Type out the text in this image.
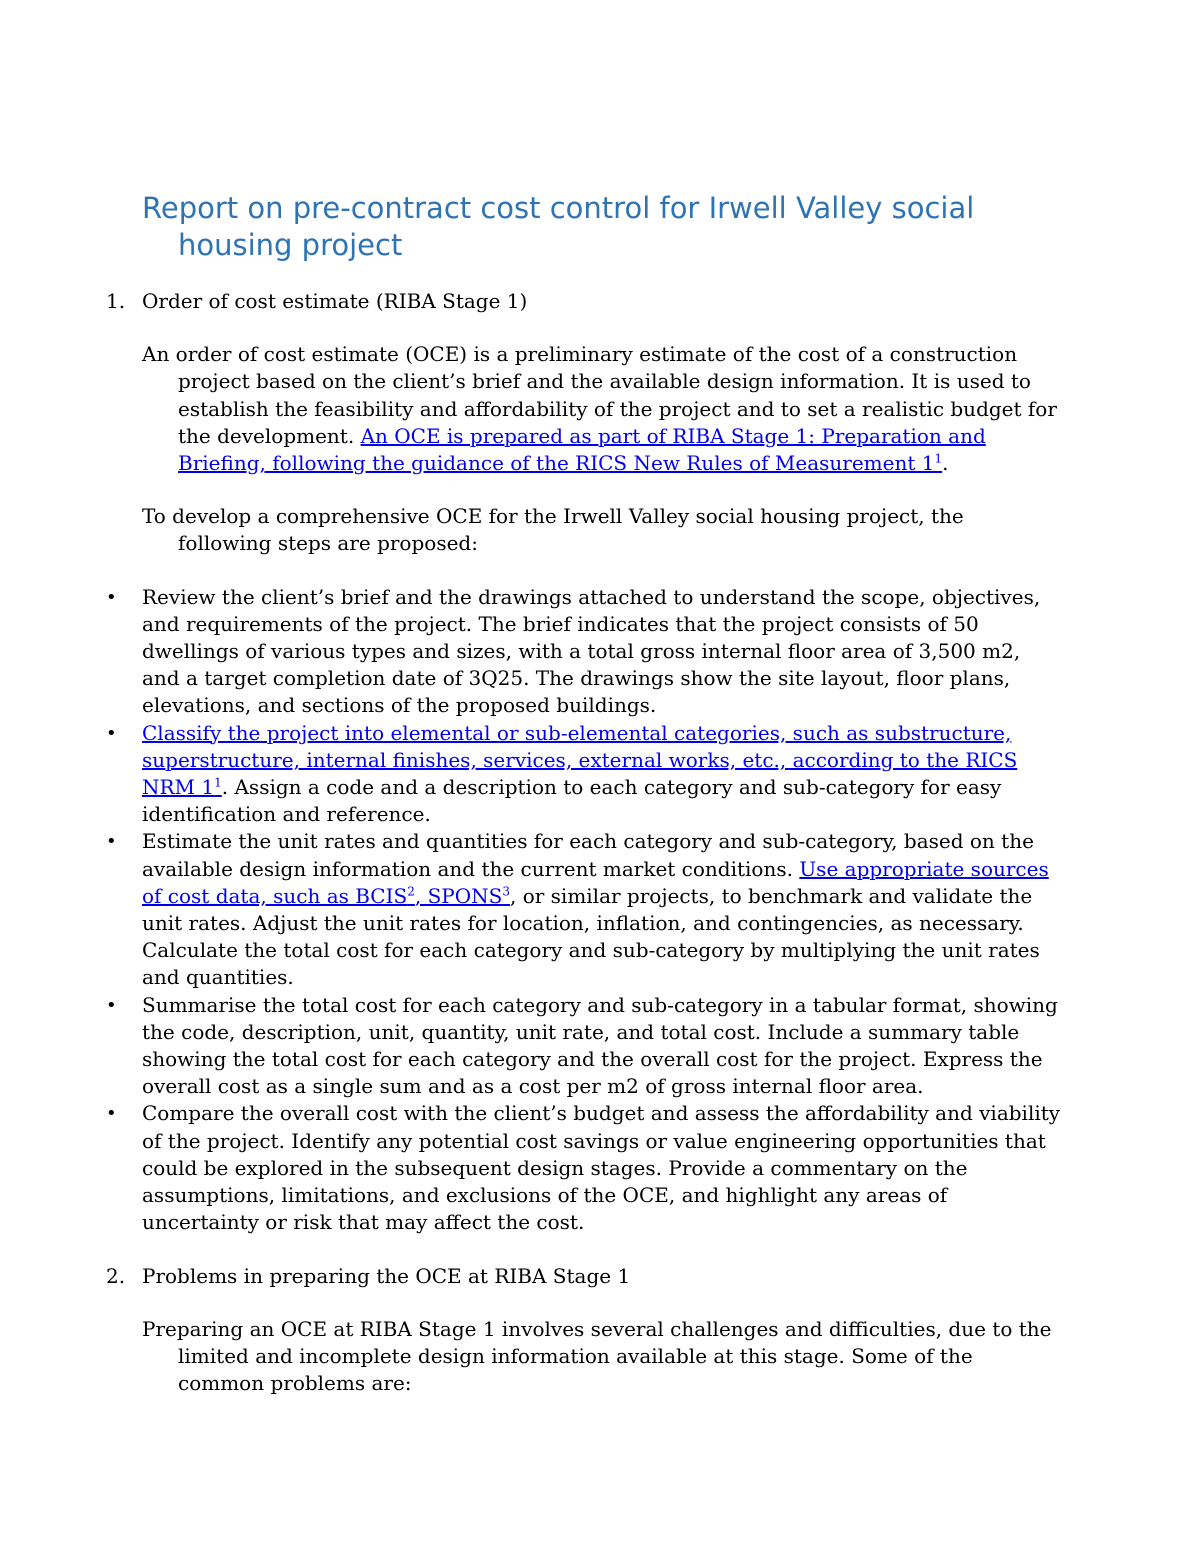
Report on pre-contract cost control for Irwell Valley social housing project
1. Order of cost estimate (RIBA Stage 1)

An order of cost estimate (OCE) is a preliminary estimate of the cost of a construction project based on the client’s brief and the available design information. It is used to establish the feasibility and affordability of the project and to set a realistic budget for the development. An OCE is prepared as part of RIBA Stage 1: Preparation and Briefing, following the guidance of the RICS New Rules of Measurement 1$^1$.

To develop a comprehensive OCE for the Irwell Valley social housing project, the following steps are proposed:

• Review the client’s brief and the drawings attached to understand the scope, objectives, and requirements of the project. The brief indicates that the project consists of 50 dwellings of various types and sizes, with a total gross internal floor area of 3,500 m2, and a target completion date of 3Q25. The drawings show the site layout, floor plans, elevations, and sections of the proposed buildings.
• Classify the project into elemental or sub-elemental categories, such as substructure, superstructure, internal finishes, services, external works, etc., according to the RICS NRM 1$^1$. Assign a code and a description to each category and sub-category for easy identification and reference.
• Estimate the unit rates and quantities for each category and sub-category, based on the available design information and the current market conditions. Use appropriate sources of cost data, such as BCIS$^2$, SPONS$^3$, or similar projects, to benchmark and validate the unit rates. Adjust the unit rates for location, inflation, and contingencies, as necessary. Calculate the total cost for each category and sub-category by multiplying the unit rates and quantities.
• Summarise the total cost for each category and sub-category in a tabular format, showing the code, description, unit, quantity, unit rate, and total cost. Include a summary table showing the total cost for each category and the overall cost for the project. Express the overall cost as a single sum and as a cost per m2 of gross internal floor area.
• Compare the overall cost with the client’s budget and assess the affordability and viability of the project. Identify any potential cost savings or value engineering opportunities that could be explored in the subsequent design stages. Provide a commentary on the assumptions, limitations, and exclusions of the OCE, and highlight any areas of uncertainty or risk that may affect the cost.
2. Problems in preparing the OCE at RIBA Stage 1

Preparing an OCE at RIBA Stage 1 involves several challenges and difficulties, due to the limited and incomplete design information available at this stage. Some of the common problems are:
